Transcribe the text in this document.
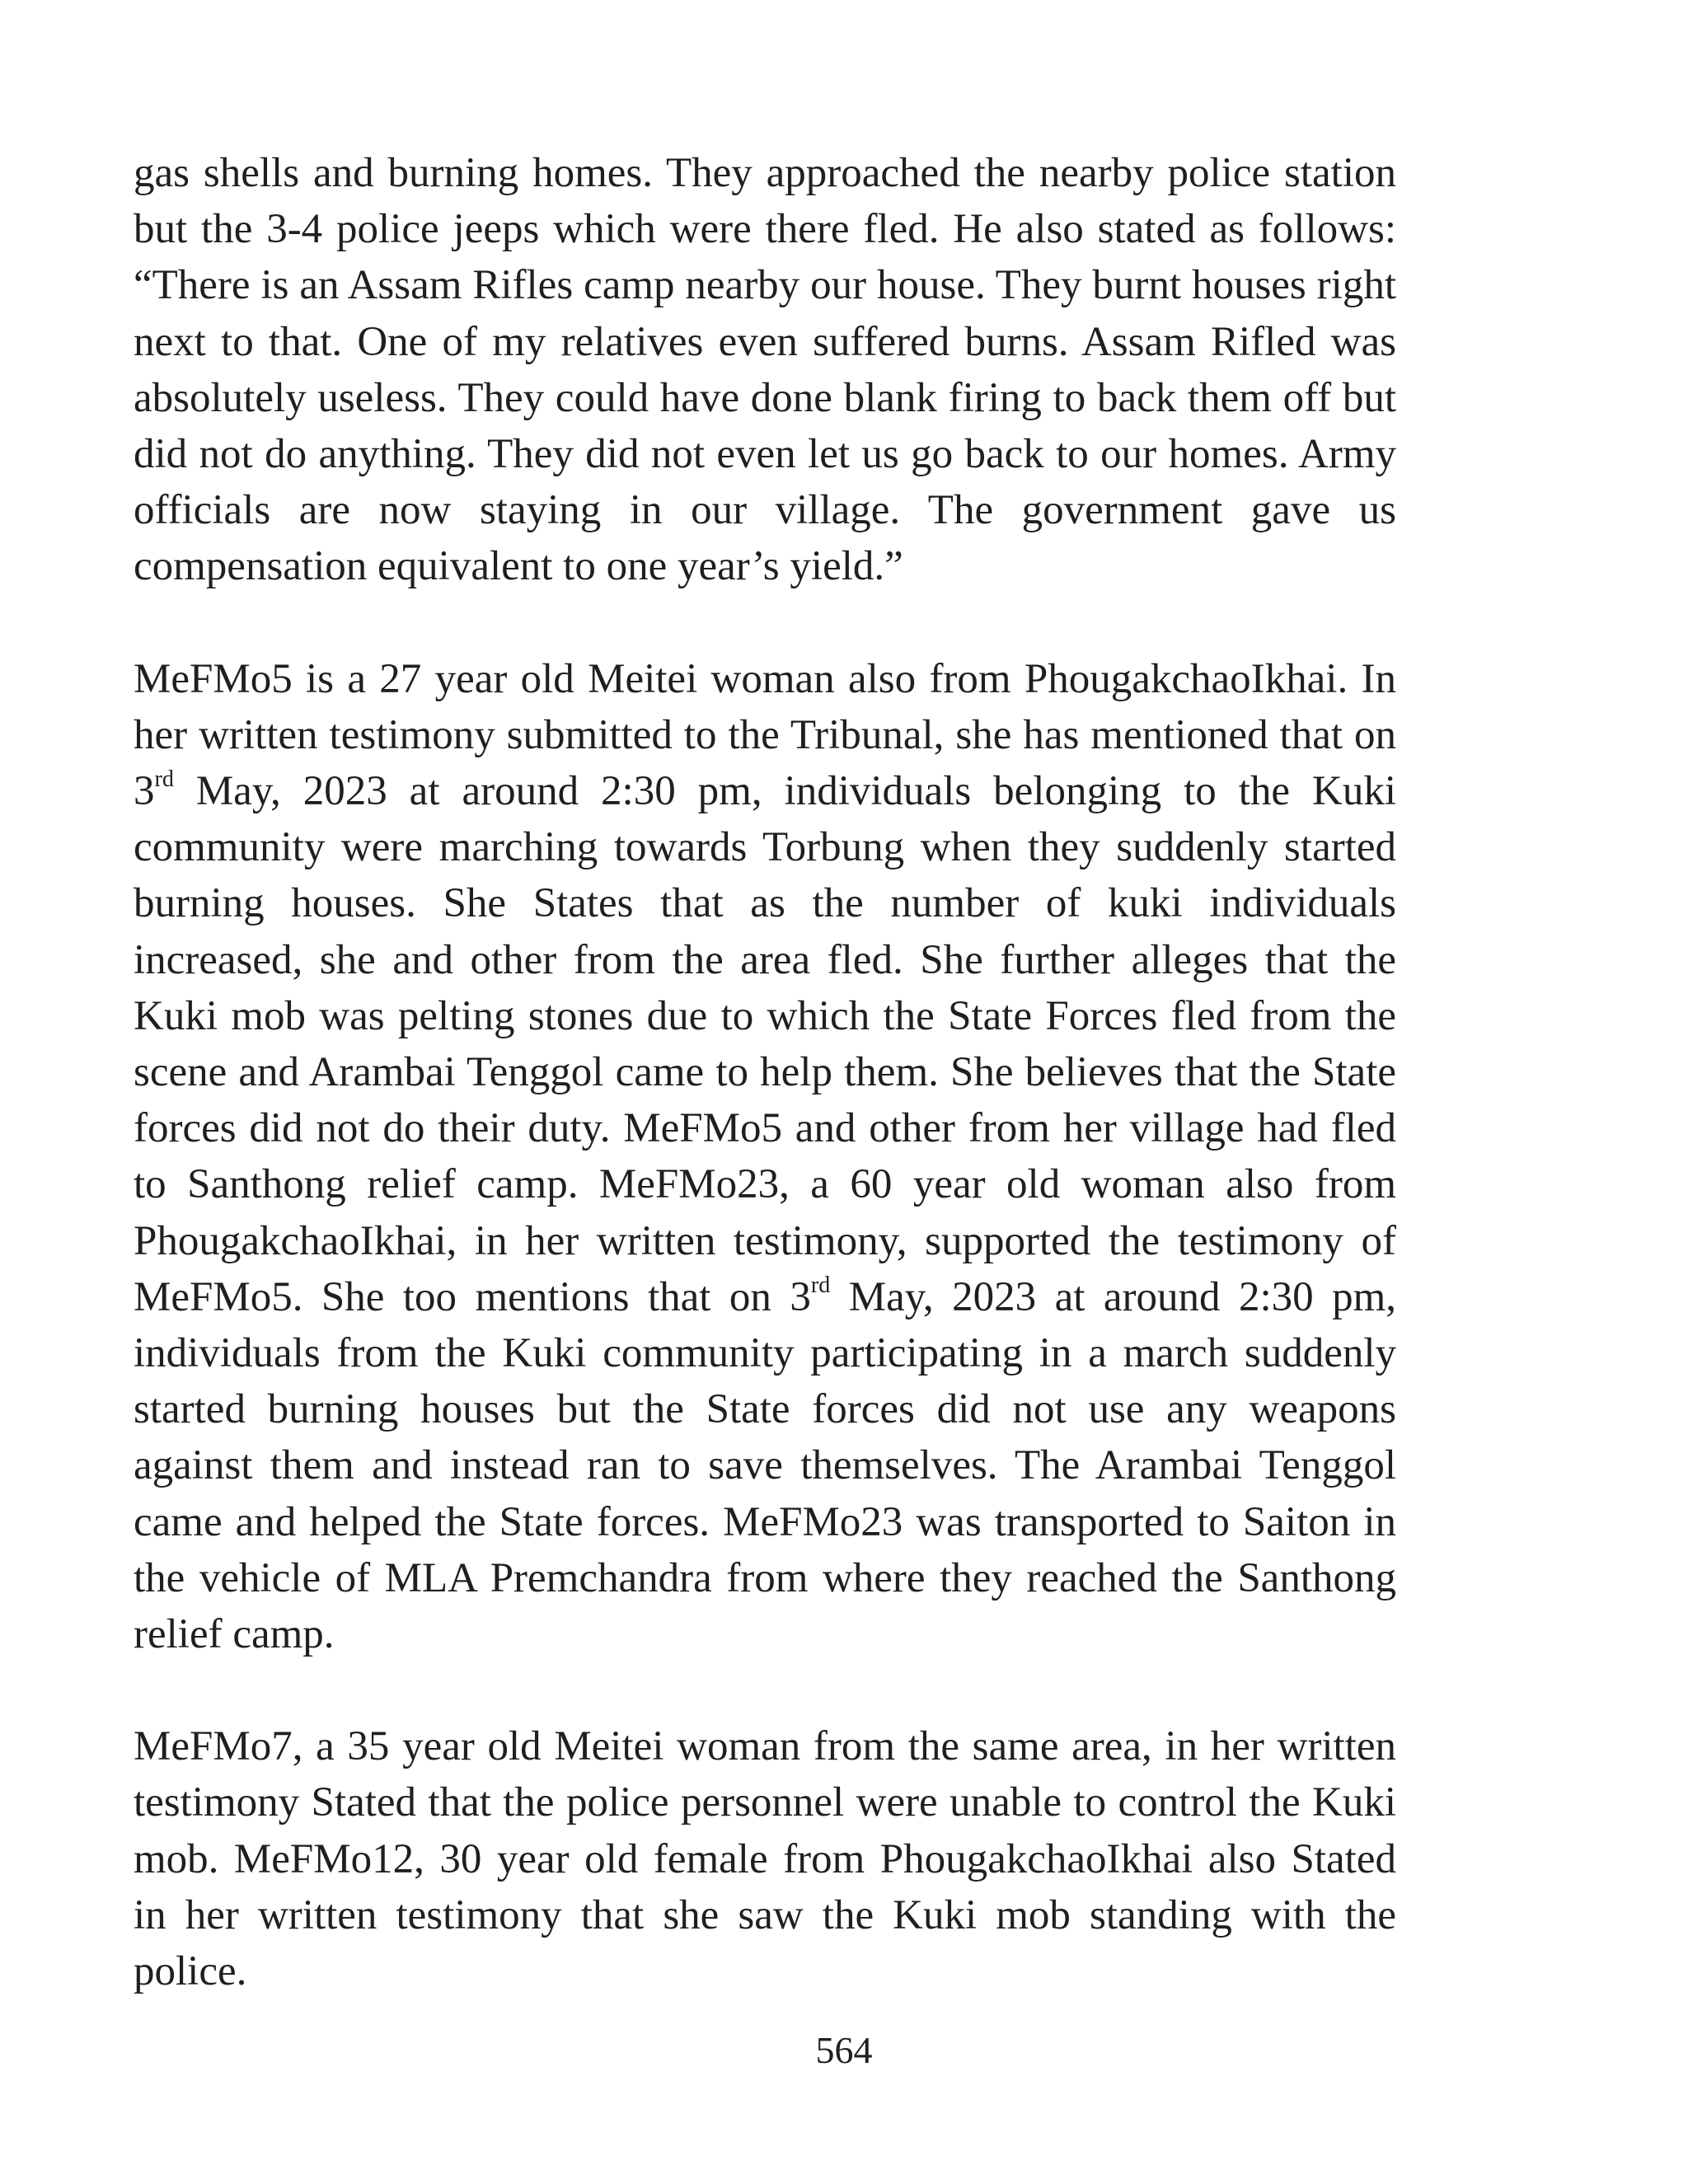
gas shells and burning homes. They approached the nearby police station but the 3-4 police jeeps which were there fled. He also stated as follows: “There is an Assam Rifles camp nearby our house. They burnt houses right next to that. One of my relatives even suffered burns. Assam Rifled was absolutely useless. They could have done blank firing to back them off but did not do anything. They did not even let us go back to our homes. Army officials are now staying in our village. The government gave us compensation equivalent to one year’s yield.”

MeFMo5 is a 27 year old Meitei woman also from PhougakchaoIkhai. In her written testimony submitted to the Tribunal, she has mentioned that on 3rd May, 2023 at around 2:30 pm, individuals belonging to the Kuki community were marching towards Torbung when they suddenly started burning houses. She States that as the number of kuki individuals increased, she and other from the area fled. She further alleges that the Kuki mob was pelting stones due to which the State Forces fled from the scene and Arambai Tenggol came to help them. She believes that the State forces did not do their duty. MeFMo5 and other from her village had fled to Santhong relief camp. MeFMo23, a 60 year old woman also from PhougakchaoIkhai, in her written testimony, supported the testimony of MeFMo5. She too mentions that on 3rd May, 2023 at around 2:30 pm, individuals from the Kuki community participating in a march suddenly started burning houses but the State forces did not use any weapons against them and instead ran to save themselves. The Arambai Tenggol came and helped the State forces. MeFMo23 was transported to Saiton in the vehicle of MLA Premchandra from where they reached the Santhong relief camp.

MeFMo7, a 35 year old Meitei woman from the same area, in her written testimony Stated that the police personnel were unable to control the Kuki mob. MeFMo12, 30 year old female from PhougakchaoIkhai also Stated in her written testimony that she saw the Kuki mob standing with the police.

564
